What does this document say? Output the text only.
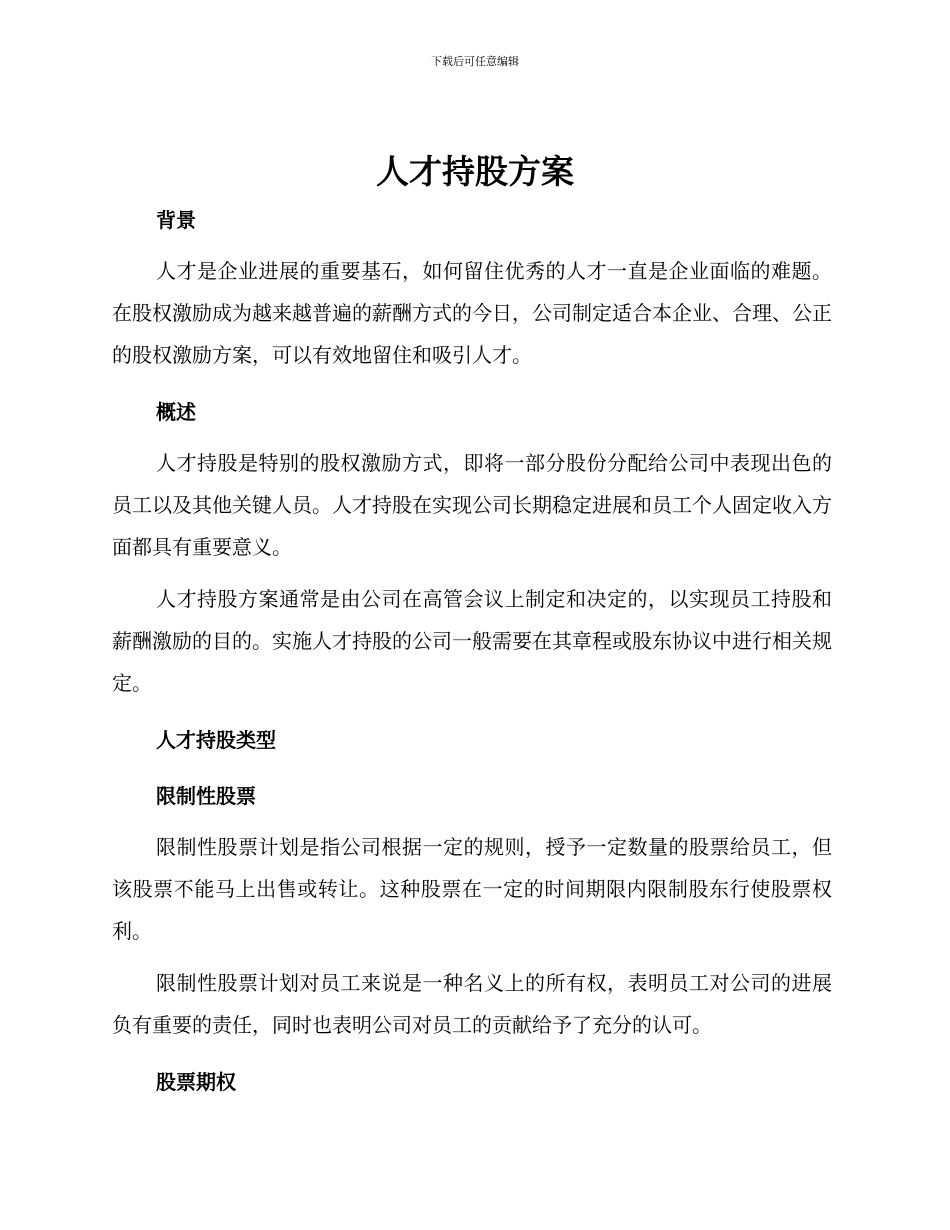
下载后可任意编辑
人才持股方案
背景

人才是企业进展的重要基石，如何留住优秀的人才一直是企业面临的难题。在股权激励成为越来越普遍的薪酬方式的今日，公司制定适合本企业、合理、公正的股权激励方案，可以有效地留住和吸引人才。

概述

人才持股是特别的股权激励方式，即将一部分股份分配给公司中表现出色的员工以及其他关键人员。人才持股在实现公司长期稳定进展和员工个人固定收入方面都具有重要意义。

人才持股方案通常是由公司在高管会议上制定和决定的，以实现员工持股和薪酬激励的目的。实施人才持股的公司一般需要在其章程或股东协议中进行相关规定。

人才持股类型
限制性股票

限制性股票计划是指公司根据一定的规则，授予一定数量的股票给员工，但该股票不能马上出售或转让。这种股票在一定的时间期限内限制股东行使股票权利。

限制性股票计划对员工来说是一种名义上的所有权，表明员工对公司的进展负有重要的责任，同时也表明公司对员工的贡献给予了充分的认可。

股票期权
